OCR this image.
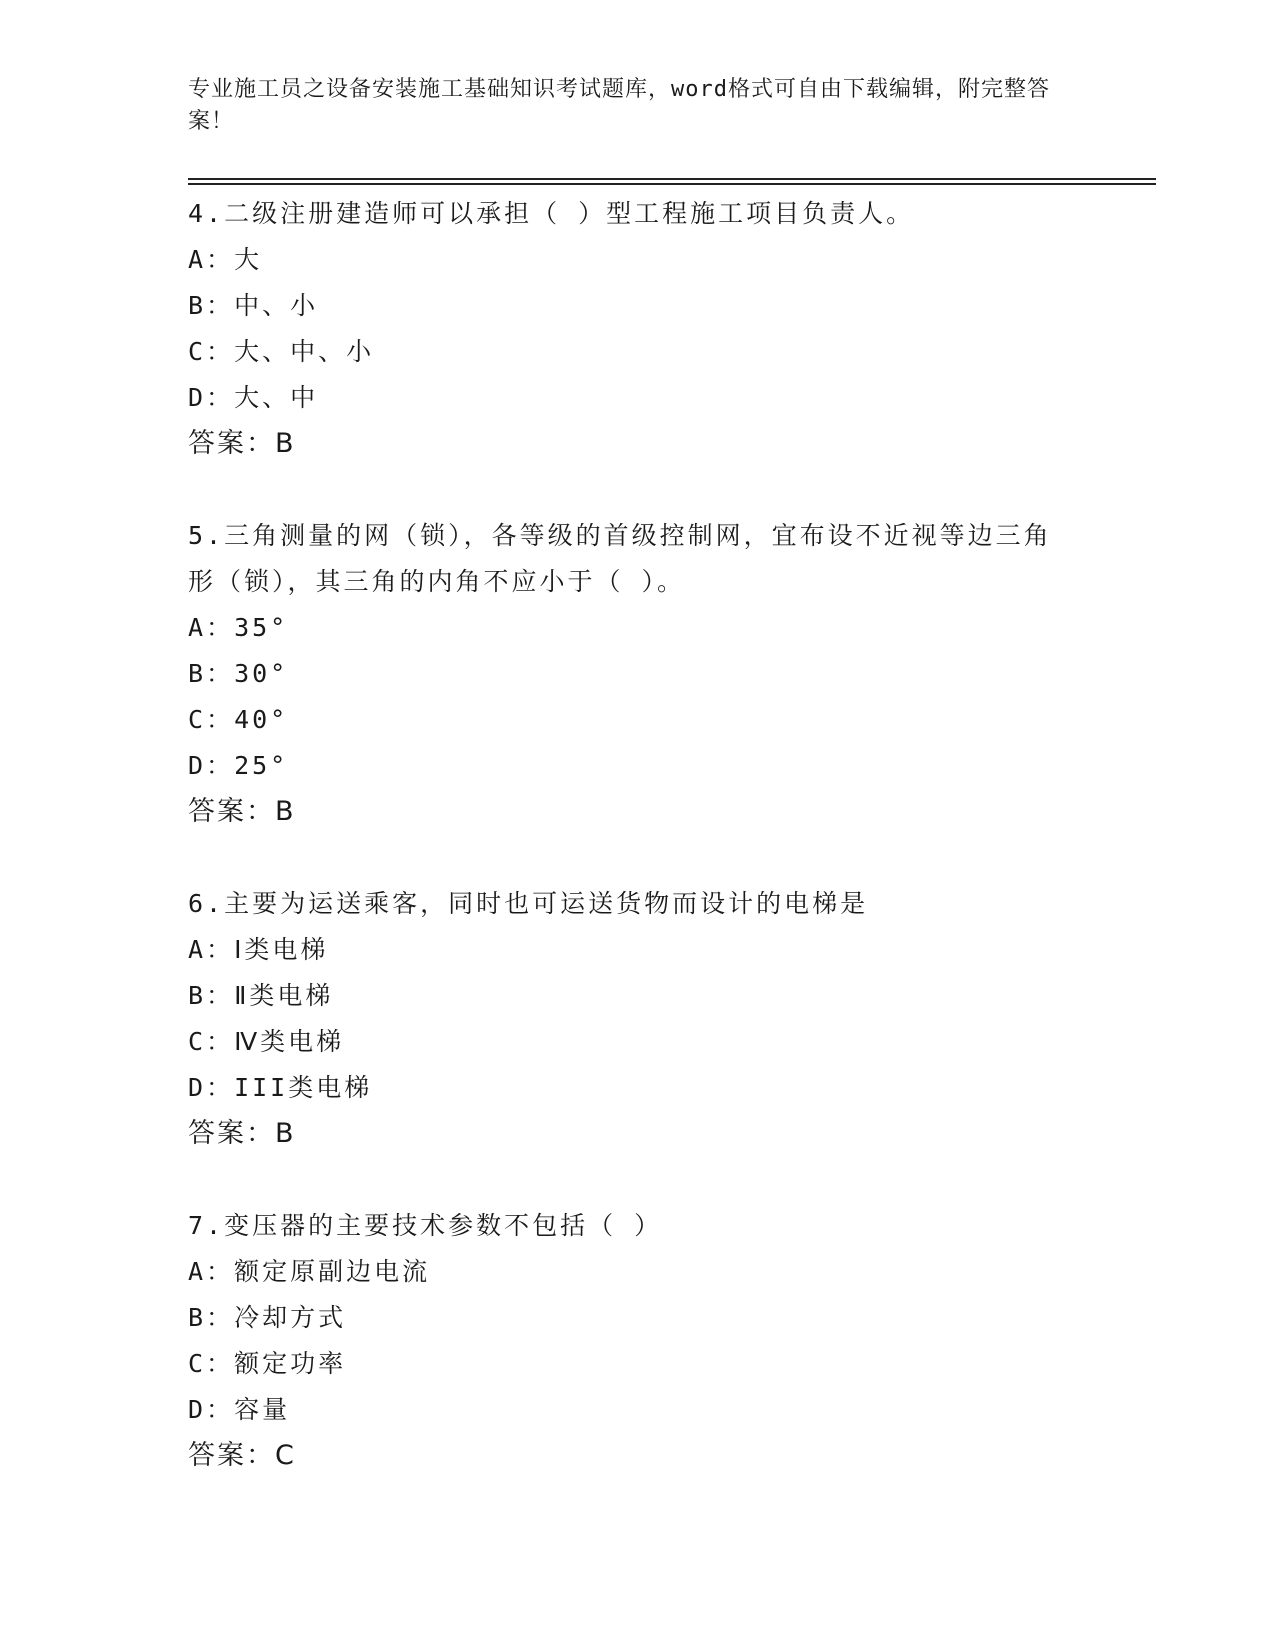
专业施工员之设备安装施工基础知识考试题库，word格式可自由下载编辑，附完整答案！

4.二级注册建造师可以承担（ ）型工程施工项目负责人。

A：大

B：中、小

C：大、中、小

D：大、中

答案：B

5.三角测量的网（锁），各等级的首级控制网，宜布设不近视等边三角形（锁），其三角的内角不应小于（ ）。

A：35°

B：30°

C：40°

D：25°

答案：B

6.主要为运送乘客，同时也可运送货物而设计的电梯是

A：Ⅰ类电梯

B：Ⅱ类电梯

C：Ⅳ类电梯

D：III类电梯

答案：B

7.变压器的主要技术参数不包括（ ）

A：额定原副边电流

B：冷却方式

C：额定功率

D：容量

答案：C
